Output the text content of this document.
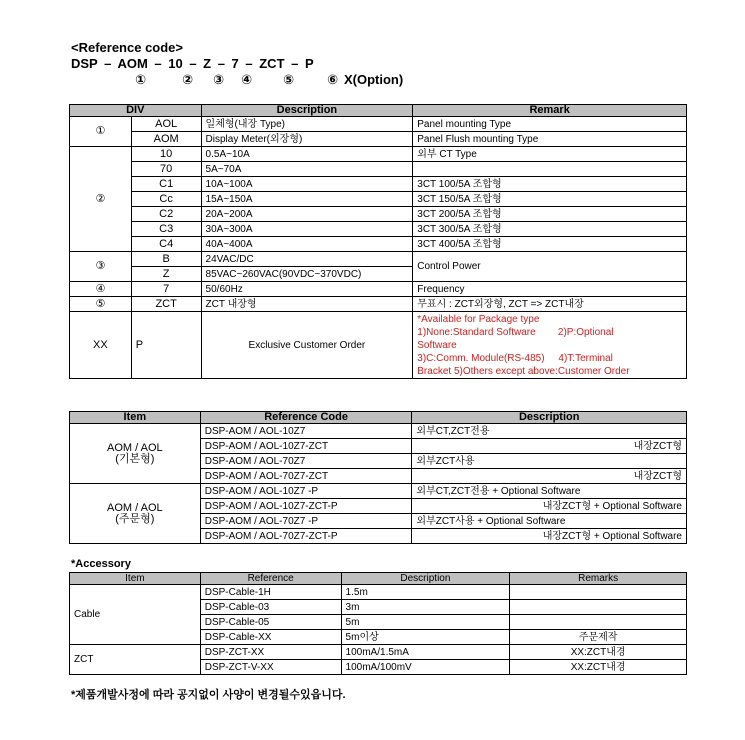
<Reference code>
DSP – AOM – 10 – Z – 7 – ZCT – P
①	② ③ ④ ⑤	⑥ X(Option)
DIV		Description	Remark
①	AOL	일체형(내장 Type)	Panel mounting Type
	AOM	Display Meter(외장형)	Panel Flush mounting Type
②	10	0.5A~10A	외부 CT Type
	70	5A~70A	
	C1	10A~100A	3CT 100/5A 조합형
	Cc	15A~150A	3CT 150/5A 조합형
	C2	20A~200A	3CT 200/5A 조합형
	C3	30A~300A	3CT 300/5A 조합형
	C4	40A~400A	3CT 400/5A 조합형
③	B	24VAC/DC	Control Power
	Z	85VAC~260VAC(90VDC~370VDC)	
④	7	50/60Hz	Frequency
⑤	ZCT	ZCT 내장형	무표시 : ZCT외장형, ZCT => ZCT내장
XX	P	Exclusive Customer Order	*Available for Package type
1)None:Standard Software        2)P:Optional
Software
3)C:Comm. Module(RS-485)     4)T:Terminal
Bracket 5)Others except above:Customer Order
Item	Reference Code	Description

AOM / AOL
(기본형)	DSP-AOM / AOL-10Z7	외부CT,ZCT전용
	DSP-AOM / AOL-10Z7-ZCT	내장ZCT형
	DSP-AOM / AOL-70Z7	외부ZCT사용
	DSP-AOM / AOL-70Z7-ZCT	내장ZCT형

AOM / AOL
(주문형)	DSP-AOM / AOL-10Z7 -P	외부CT,ZCT전용 + Optional Software
	DSP-AOM / AOL-10Z7-ZCT-P	내장ZCT형 + Optional Software
	DSP-AOM / AOL-70Z7 -P	외부ZCT사용 + Optional Software
	DSP-AOM / AOL-70Z7-ZCT-P	내장ZCT형 + Optional Software
*Accessory
Item	Reference	Description	Remarks
Cable	DSP-Cable-1H	1.5m	
	DSP-Cable-03	3m	
	DSP-Cable-05	5m	
	DSP-Cable-XX	5m이상	주문제작
ZCT	DSP-ZCT-XX	100mA/1.5mA	XX:ZCT내경
	DSP-ZCT-V-XX	100mA/100mV	XX:ZCT내경
*제품개발사정에 따라 공지없이 사양이 변경될수있읍니다.
